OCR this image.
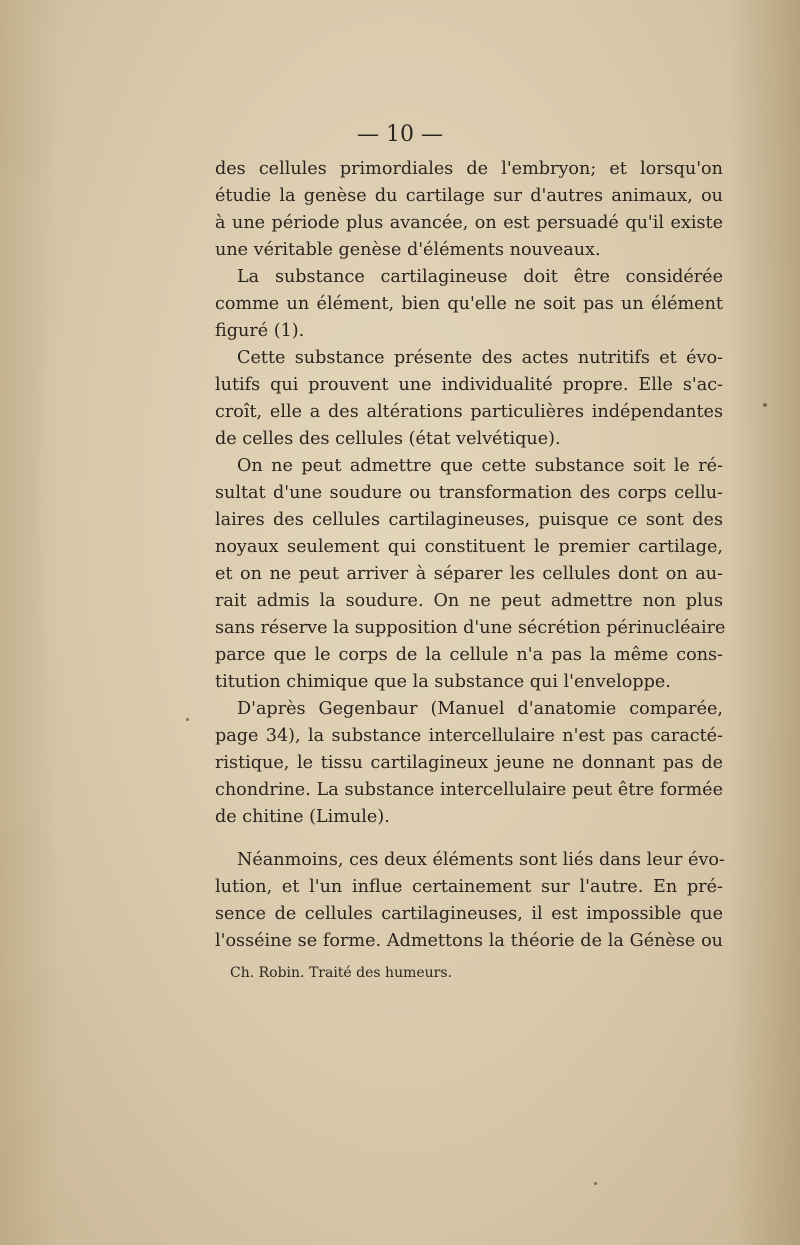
— 10 —
des cellules primordiales de l'embryon; et lorsqu'on
étudie la genèse du cartilage sur d'autres animaux, ou
à une période plus avancée, on est persuadé qu'il existe
une véritable genèse d'éléments nouveaux.
La substance cartilagineuse doit être considérée
comme un élément, bien qu'elle ne soit pas un élément
figuré (1).
Cette substance présente des actes nutritifs et évo-
lutifs qui prouvent une individualité propre. Elle s'ac-
croît, elle a des altérations particulières indépendantes
de celles des cellules (état velvétique).
On ne peut admettre que cette substance soit le ré-
sultat d'une soudure ou transformation des corps cellu-
laires des cellules cartilagineuses, puisque ce sont des
noyaux seulement qui constituent le premier cartilage,
et on ne peut arriver à séparer les cellules dont on au-
rait admis la soudure. On ne peut admettre non plus
sans réserve la supposition d'une sécrétion périnucléaire
parce que le corps de la cellule n'a pas la même cons-
titution chimique que la substance qui l'enveloppe.
D'après Gegenbaur (Manuel d'anatomie comparée,
page 34), la substance intercellulaire n'est pas caracté-
ristique, le tissu cartilagineux jeune ne donnant pas de
chondrine. La substance intercellulaire peut être formée
de chitine (Limule).
Néanmoins, ces deux éléments sont liés dans leur évo-
lution, et l'un influe certainement sur l'autre. En pré-
sence de cellules cartilagineuses, il est impossible que
l'osséine se forme. Admettons la théorie de la Génèse ou
Ch. Robin. Traité des humeurs.
